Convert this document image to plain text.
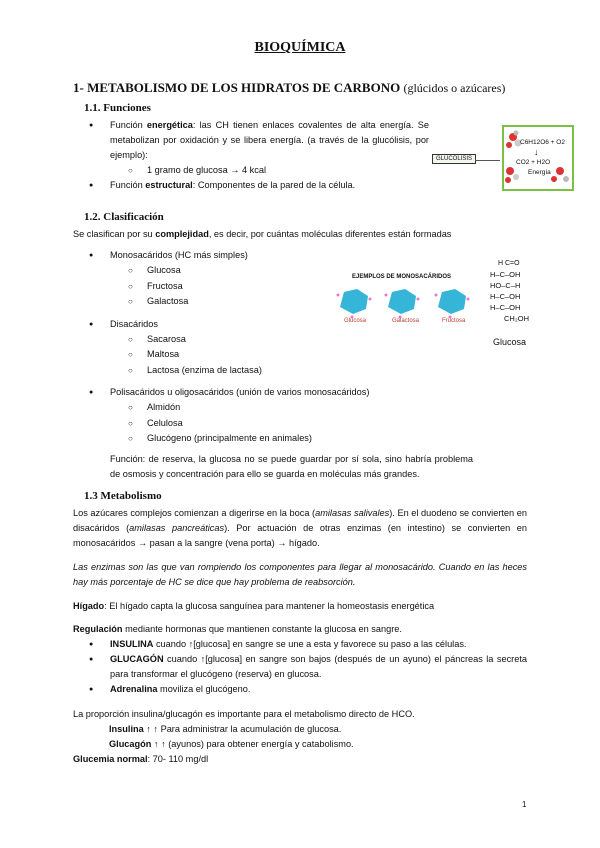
BIOQUÍMICA
1- METABOLISMO DE LOS HIDRATOS DE CARBONO (glúcidos o azúcares)
1.1. Funciones
● Función energética: las CH tienen enlaces covalentes de alta energía. Se metabolizan por oxidación y se libera energía. (a través de la glucólisis, por ejemplo):
○ 1 gramo de glucosa → 4 kcal
● Función estructural: Componentes de la pared de la célula.
GLUCOLISIS
C6H12O6 + O2
↓
CO2 + H2O
Energía
1.2. Clasificación
Se clasifican por su complejidad, es decir, por cuántas moléculas diferentes están formadas
● Monosacáridos (HC más simples)
○ Glucosa
○ Fructosa
○ Galactosa
● Disacáridos
○ Sacarosa
○ Maltosa
○ Lactosa (enzima de lactasa)
● Polisacáridos u oligosacáridos (unión de varios monosacáridos)
○ Almidón
○ Celulosa
○ Glucógeno (principalmente en animales)
Función: de reserva, la glucosa no se puede guardar por sí sola, sino habría problema de osmosis y concentración para ello se guarda en moléculas más grandes.
EJEMPLOS DE MONOSACÁRIDOS
Glucosa	Galactosa	Fructosa
H C=O
H–C–OH
HO–C–H
H–C–OH
H–C–OH
CH₂OH
Glucosa
1.3 Metabolismo
Los azúcares complejos comienzan a digerirse en la boca (amilasas salivales). En el duodeno se convierten en disacáridos (amilasas pancreáticas). Por actuación de otras enzimas (en intestino) se convierten en monosacáridos → pasan a la sangre (vena porta) → hígado.
Las enzimas son las que van rompiendo los componentes para llegar al monosacárido. Cuando en las heces hay más porcentaje de HC se dice que hay problema de reabsorción.
Hígado: El hígado capta la glucosa sanguínea para mantener la homeostasis energética
Regulación mediante hormonas que mantienen constante la glucosa en sangre.
● INSULINA cuando ↑[glucosa] en sangre se une a esta y favorece su paso a las células.
● GLUCAGÓN cuando ↑[glucosa] en sangre son bajos (después de un ayuno) el páncreas la secreta para transformar el glucógeno (reserva) en glucosa.
● Adrenalina moviliza el glucógeno.
La proporción insulina/glucagón es importante para el metabolismo directo de HCO.
Insulina ↑ ↑ Para administrar la acumulación de glucosa.
Glucagón ↑ ↑ (ayunos) para obtener energía y catabolismo.
Glucemia normal: 70- 110 mg/dl
1
